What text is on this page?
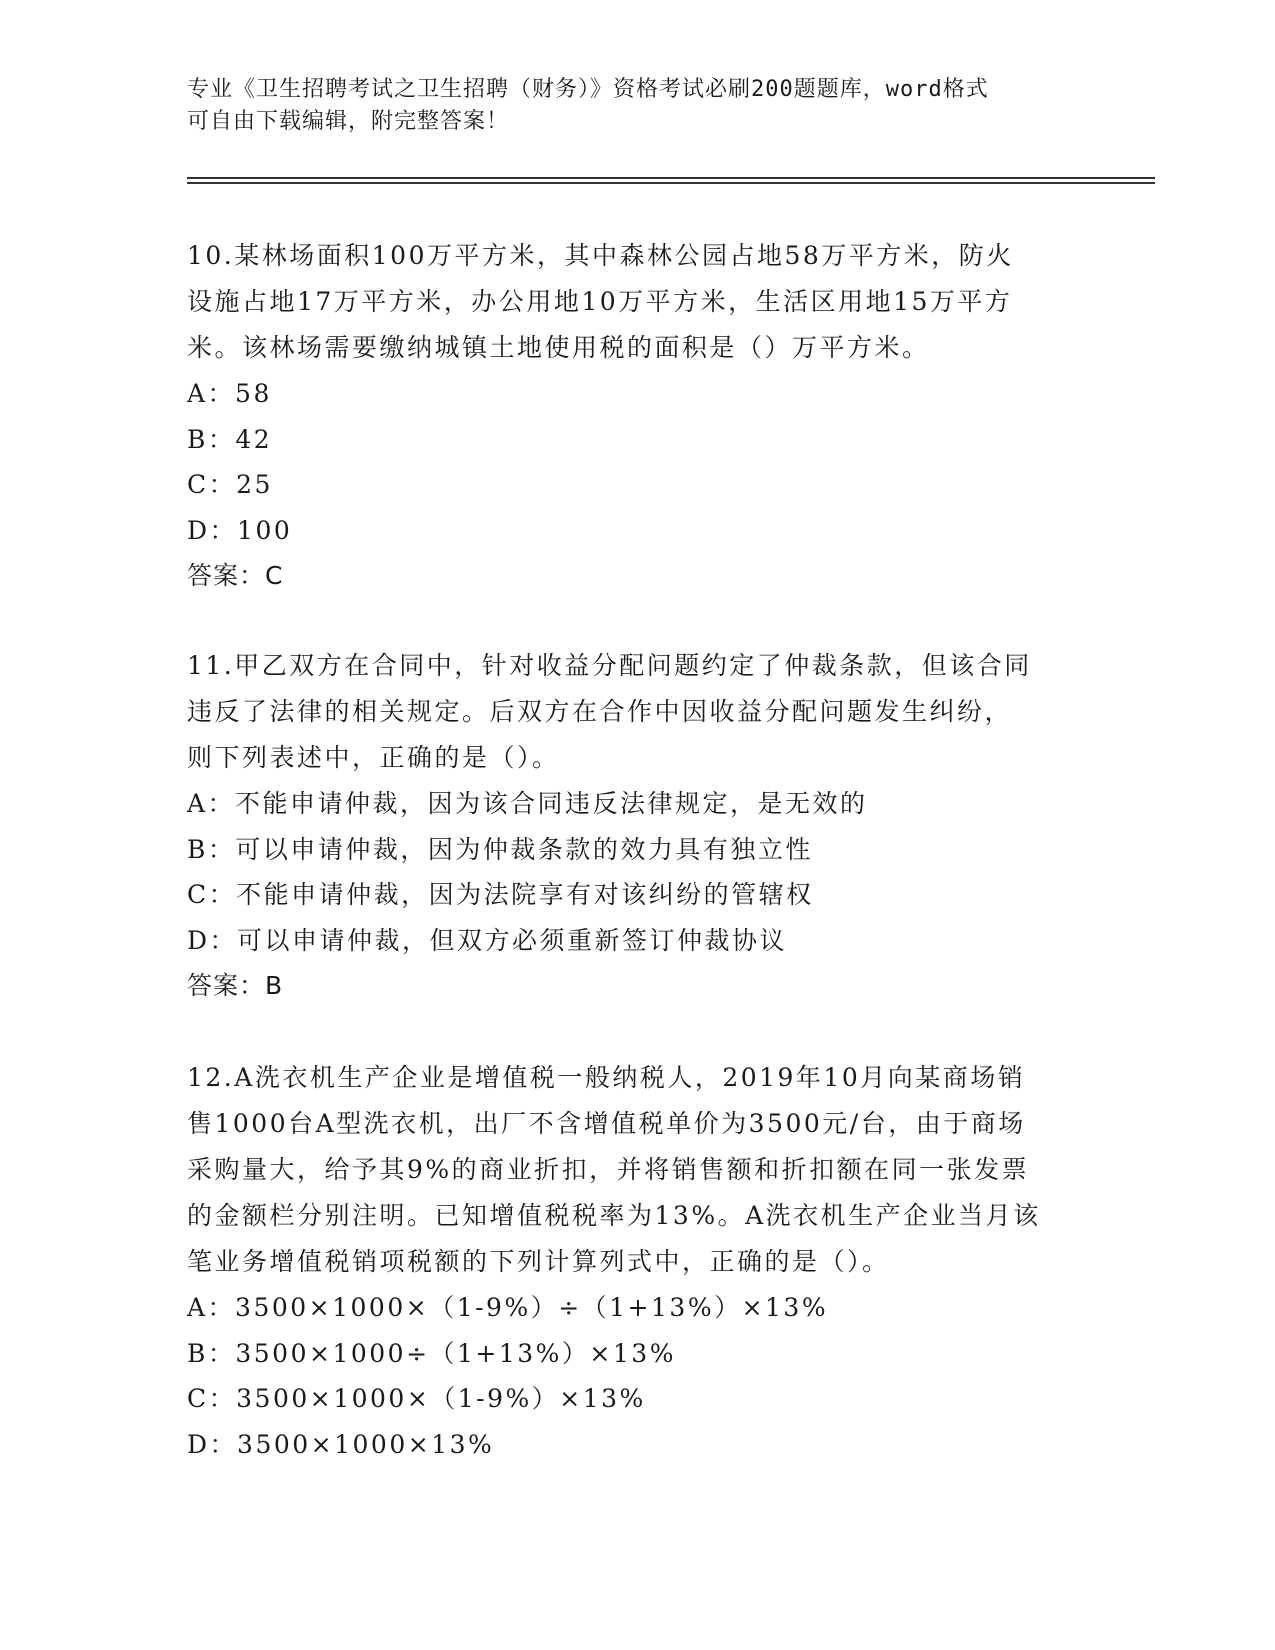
专业《卫生招聘考试之卫生招聘（财务）》资格考试必刷200题题库，word格式
可自由下载编辑，附完整答案！
10.某林场面积100万平方米，其中森林公园占地58万平方米，防火
设施占地17万平方米，办公用地10万平方米，生活区用地15万平方
米。该林场需要缴纳城镇土地使用税的面积是（）万平方米。
A：58
B：42
C：25
D：100
答案：C
11.甲乙双方在合同中，针对收益分配问题约定了仲裁条款，但该合同
违反了法律的相关规定。后双方在合作中因收益分配问题发生纠纷，
则下列表述中，正确的是（）。
A：不能申请仲裁，因为该合同违反法律规定，是无效的
B：可以申请仲裁，因为仲裁条款的效力具有独立性
C：不能申请仲裁，因为法院享有对该纠纷的管辖权
D：可以申请仲裁，但双方必须重新签订仲裁协议
答案：B
12.A洗衣机生产企业是增值税一般纳税人，2019年10月向某商场销
售1000台A型洗衣机，出厂不含增值税单价为3500元/台，由于商场
采购量大，给予其9%的商业折扣，并将销售额和折扣额在同一张发票
的金额栏分别注明。已知增值税税率为13%。A洗衣机生产企业当月该
笔业务增值税销项税额的下列计算列式中，正确的是（）。
A：3500×1000×（1-9%）÷（1+13%）×13%
B：3500×1000÷（1+13%）×13%
C：3500×1000×（1-9%）×13%
D：3500×1000×13%
